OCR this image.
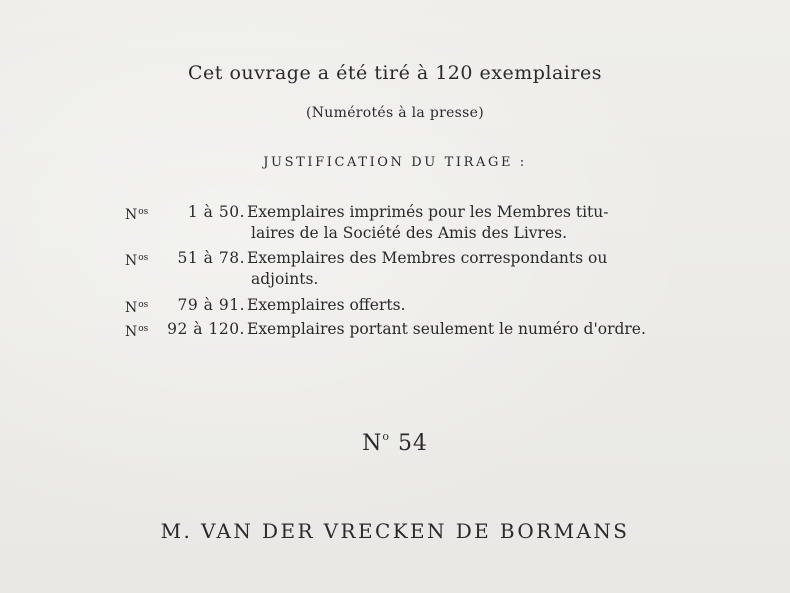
Cet ouvrage a été tiré à 120 exemplaires
(Numérotés à la presse)
JUSTIFICATION DU TIRAGE :
$N^{os}$	1 à 50. Exemplaires imprimés pour les Membres titu-
laires de la Société des Amis des Livres.
$N^{os}$	51 à 78. Exemplaires des Membres correspondants ou
adjoints.
$N^{os}$	79 à 91. Exemplaires offerts.
$N^{os}$	92 à 120. Exemplaires portant seulement le numéro d'ordre.
$N^o$ 54
M. VAN DER VRECKEN DE BORMANS
